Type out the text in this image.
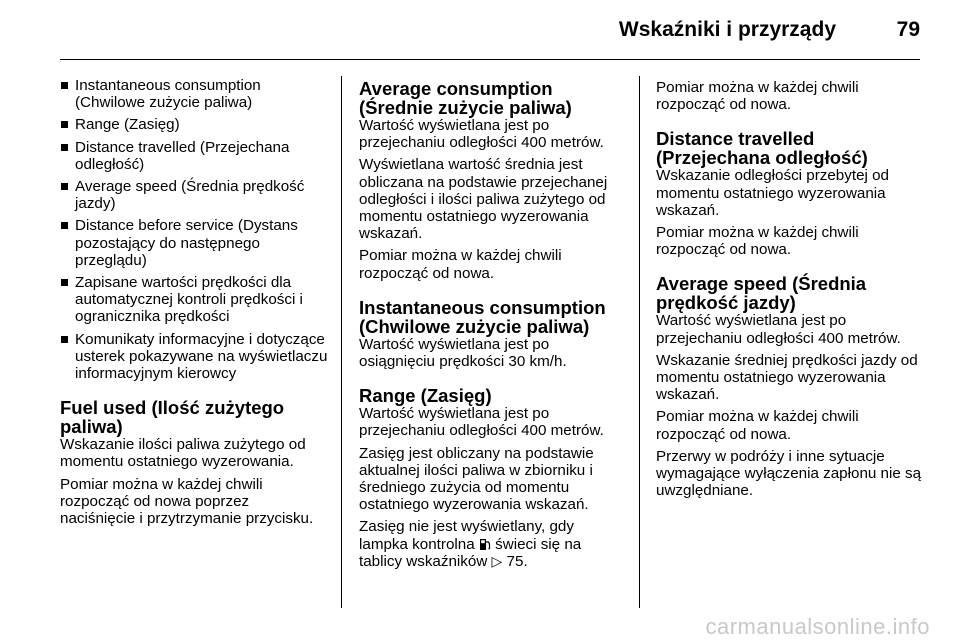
Wskaźniki i przyrządy	79
Instantaneous consumption (Chwilowe zużycie paliwa)
Range (Zasięg)
Distance travelled (Przejechana odległość)
Average speed (Średnia prędkość jazdy)
Distance before service (Dystans pozostający do następnego przeglądu)
Zapisane wartości prędkości dla automatycznej kontroli prędkości i ogranicznika prędkości
Komunikaty informacyjne i dotyczące usterek pokazywane na wyświetlaczu informacyjnym kierowcy
Fuel used (Ilość zużytego paliwa)

Wskazanie ilości paliwa zużytego od momentu ostatniego wyzerowania.

Pomiar można w każdej chwili rozpocząć od nowa poprzez naciśnięcie i przytrzymanie przycisku.

Average consumption (Średnie zużycie paliwa)

Wartość wyświetlana jest po przejechaniu odległości 400 metrów.

Wyświetlana wartość średnia jest obliczana na podstawie przejechanej odległości i ilości paliwa zużytego od momentu ostatniego wyzerowania wskazań.

Pomiar można w każdej chwili rozpocząć od nowa.

Instantaneous consumption (Chwilowe zużycie paliwa)

Wartość wyświetlana jest po osiągnięciu prędkości 30 km/h.

Range (Zasięg)

Wartość wyświetlana jest po przejechaniu odległości 400 metrów.

Zasięg jest obliczany na podstawie aktualnej ilości paliwa w zbiorniku i średniego zużycia od momentu ostatniego wyzerowania wskazań.

Zasięg nie jest wyświetlany, gdy lampka kontrolna świeci się na tablicy wskaźników ▷ 75.

Pomiar można w każdej chwili rozpocząć od nowa.

Distance travelled (Przejechana odległość)

Wskazanie odległości przebytej od momentu ostatniego wyzerowania wskazań.

Pomiar można w każdej chwili rozpocząć od nowa.

Average speed (Średnia prędkość jazdy)

Wartość wyświetlana jest po przejechaniu odległości 400 metrów.

Wskazanie średniej prędkości jazdy od momentu ostatniego wyzerowania wskazań.

Pomiar można w każdej chwili rozpocząć od nowa.

Przerwy w podróży i inne sytuacje wymagające wyłączenia zapłonu nie są uwzględniane.

carmanualsonline.info
